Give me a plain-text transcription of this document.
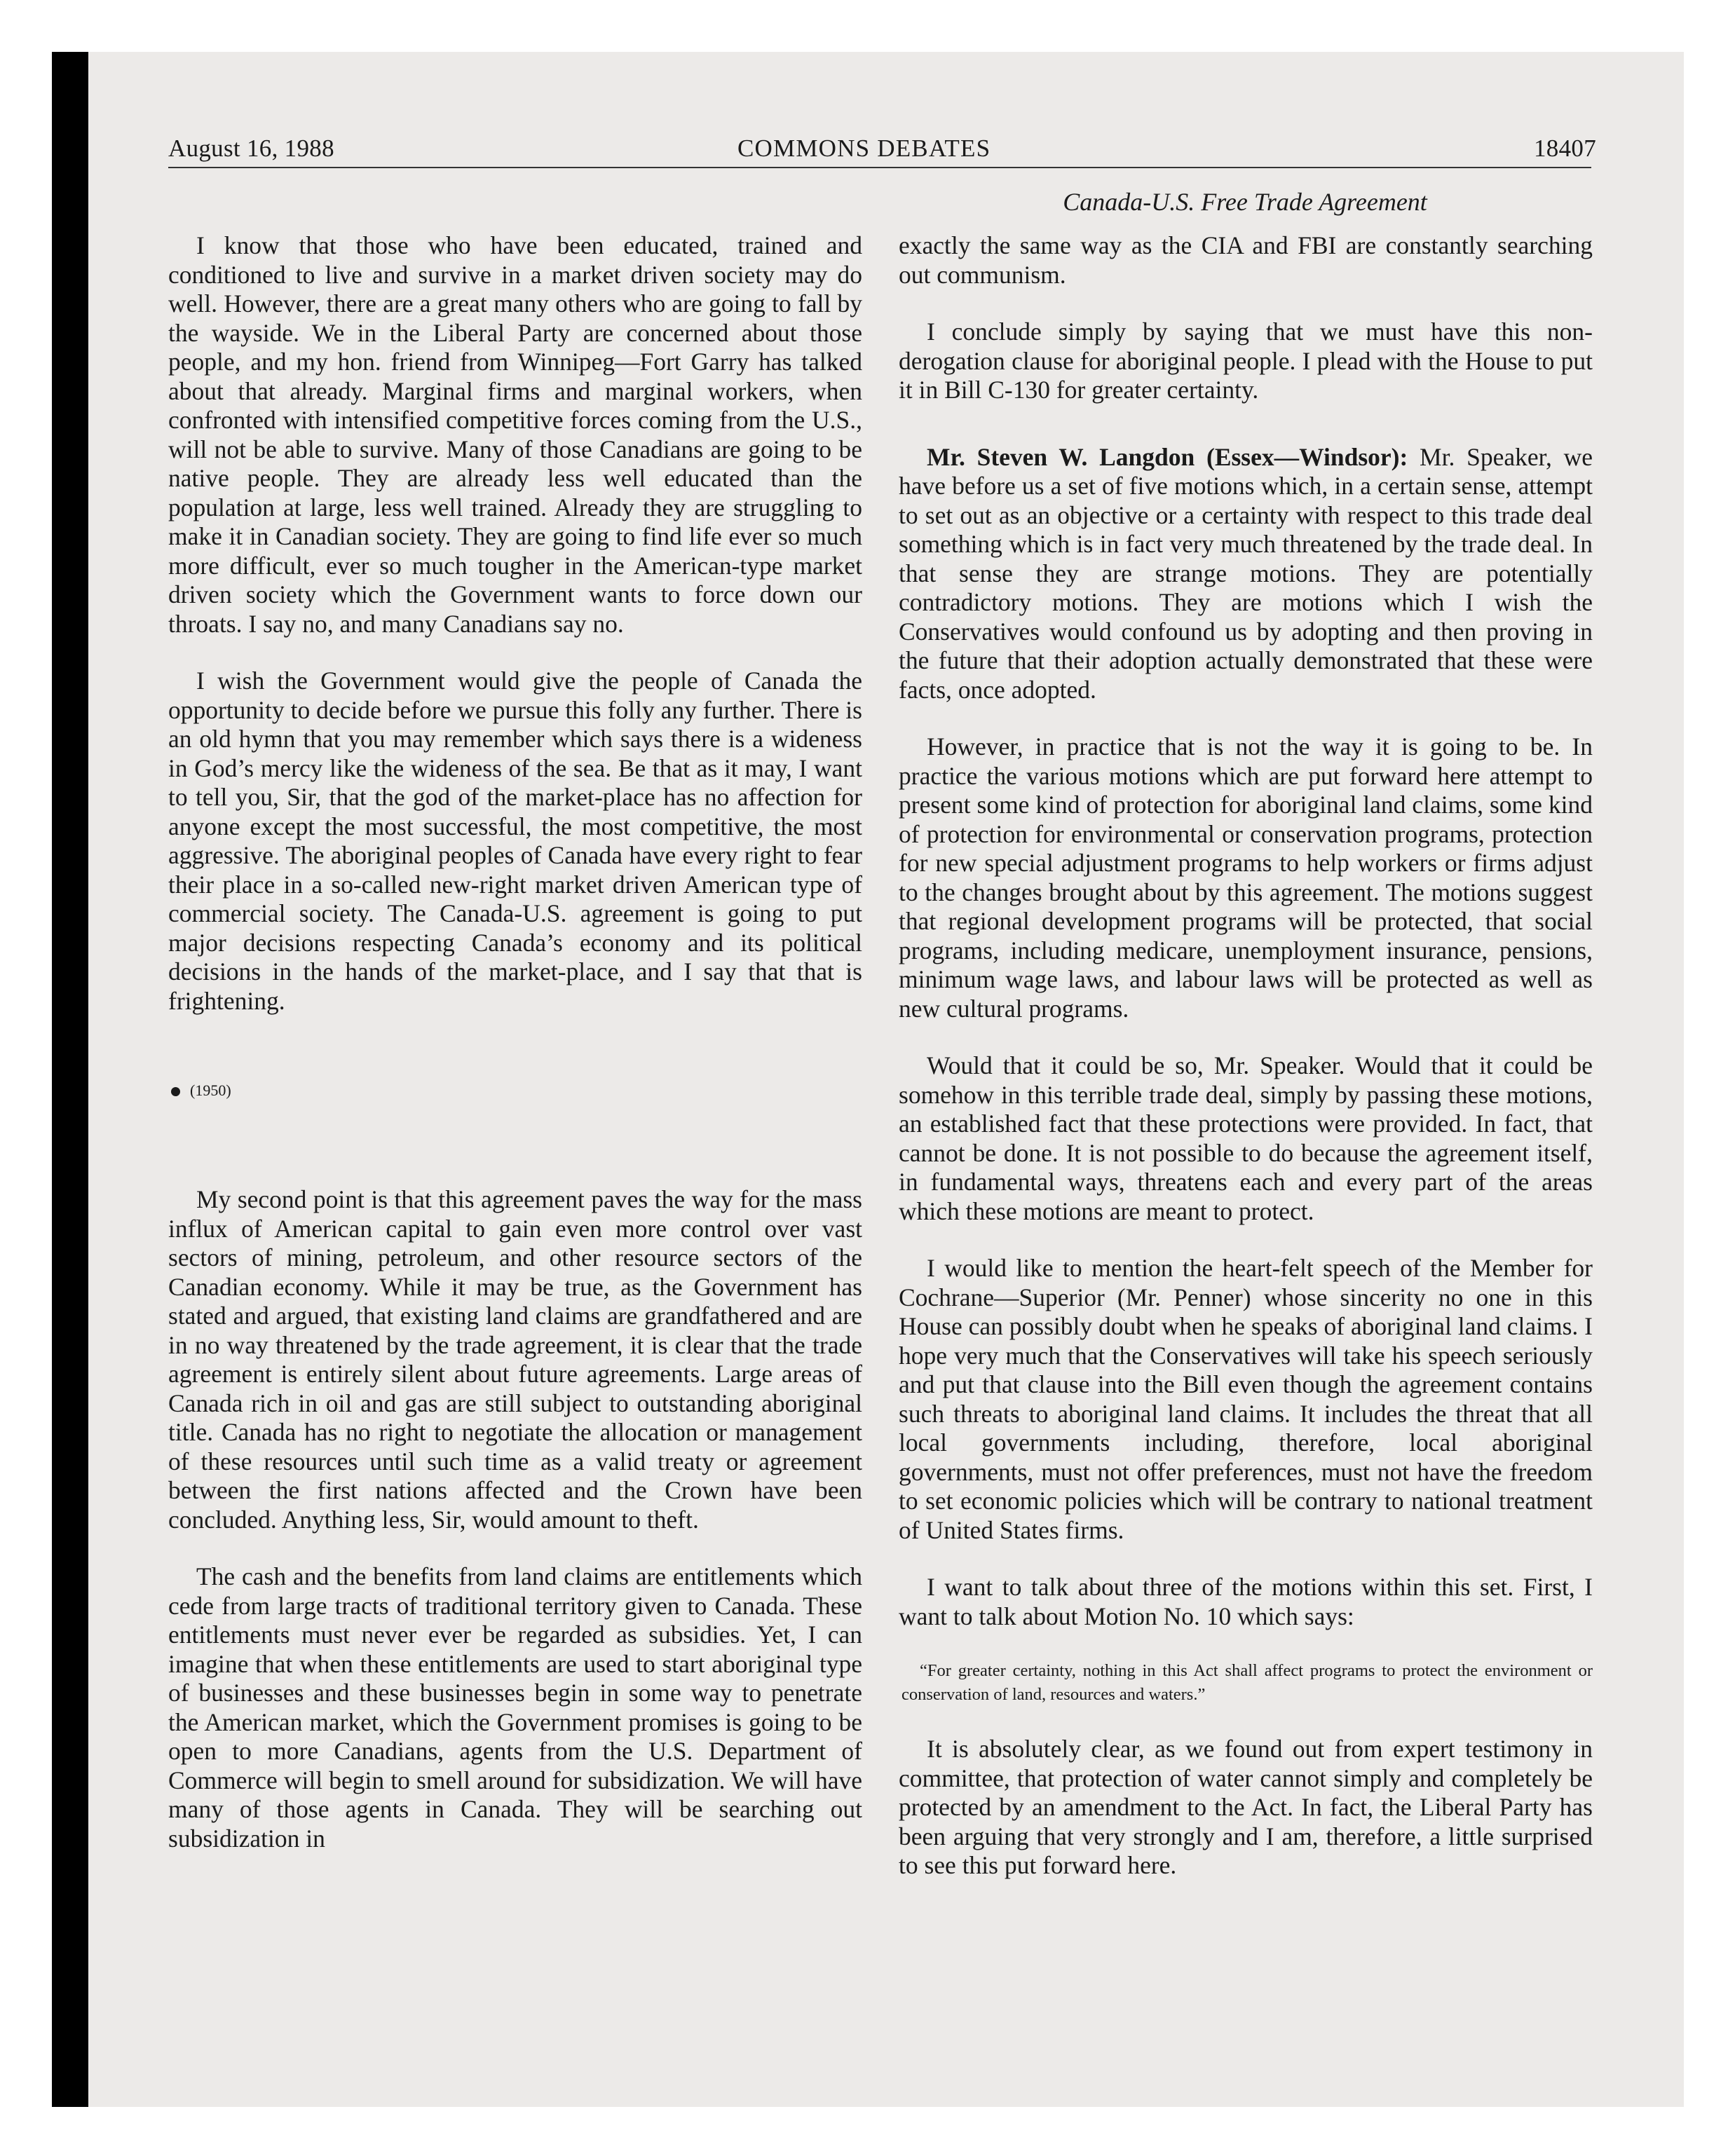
August 16, 1988	COMMONS DEBATES	18407
Canada-U.S. Free Trade Agreement

I know that those who have been educated, trained and conditioned to live and survive in a market driven society may do well. However, there are a great many others who are going to fall by the wayside. We in the Liberal Party are concerned about those people, and my hon. friend from Winnipeg—Fort Garry has talked about that already. Marginal firms and marginal workers, when confronted with intensified competitive forces coming from the U.S., will not be able to survive. Many of those Canadians are going to be native people. They are already less well educated than the population at large, less well trained. Already they are struggling to make it in Canadian society. They are going to find life ever so much more difficult, ever so much tougher in the American-type market driven society which the Government wants to force down our throats. I say no, and many Canadians say no.

I wish the Government would give the people of Canada the opportunity to decide before we pursue this folly any further. There is an old hymn that you may remember which says there is a wideness in God’s mercy like the wideness of the sea. Be that as it may, I want to tell you, Sir, that the god of the market-place has no affection for anyone except the most successful, the most competitive, the most aggressive. The aboriginal peoples of Canada have every right to fear their place in a so-called new-right market driven American type of commercial society. The Canada-U.S. agreement is going to put major decisions respecting Canada’s economy and its political decisions in the hands of the market-place, and I say that that is frightening.

(1950)

My second point is that this agreement paves the way for the mass influx of American capital to gain even more control over vast sectors of mining, petroleum, and other resource sectors of the Canadian economy. While it may be true, as the Government has stated and argued, that existing land claims are grandfathered and are in no way threatened by the trade agreement, it is clear that the trade agreement is entirely silent about future agreements. Large areas of Canada rich in oil and gas are still subject to outstanding aboriginal title. Canada has no right to negotiate the allocation or management of these resources until such time as a valid treaty or agreement between the first nations affected and the Crown have been concluded. Anything less, Sir, would amount to theft.

The cash and the benefits from land claims are entitlements which cede from large tracts of traditional territory given to Canada. These entitlements must never ever be regarded as subsidies. Yet, I can imagine that when these entitlements are used to start aboriginal type of businesses and these businesses begin in some way to penetrate the American market, which the Government promises is going to be open to more Canadians, agents from the U.S. Department of Commerce will begin to smell around for subsidization. We will have many of those agents in Canada. They will be searching out subsidization in

exactly the same way as the CIA and FBI are constantly searching out communism.

I conclude simply by saying that we must have this non-derogation clause for aboriginal people. I plead with the House to put it in Bill C-130 for greater certainty.

Mr. Steven W. Langdon (Essex—Windsor): Mr. Speaker, we have before us a set of five motions which, in a certain sense, attempt to set out as an objective or a certainty with respect to this trade deal something which is in fact very much threatened by the trade deal. In that sense they are strange motions. They are potentially contradictory motions. They are motions which I wish the Conservatives would confound us by adopting and then proving in the future that their adoption actually demonstrated that these were facts, once adopted.

However, in practice that is not the way it is going to be. In practice the various motions which are put forward here attempt to present some kind of protection for aboriginal land claims, some kind of protection for environmental or conservation programs, protection for new special adjustment programs to help workers or firms adjust to the changes brought about by this agreement. The motions suggest that regional development programs will be protected, that social programs, including medicare, unemployment insurance, pensions, minimum wage laws, and labour laws will be protected as well as new cultural programs.

Would that it could be so, Mr. Speaker. Would that it could be somehow in this terrible trade deal, simply by passing these motions, an established fact that these protections were provided. In fact, that cannot be done. It is not possible to do because the agreement itself, in fundamental ways, threatens each and every part of the areas which these motions are meant to protect.

I would like to mention the heart-felt speech of the Member for Cochrane—Superior (Mr. Penner) whose sincerity no one in this House can possibly doubt when he speaks of aboriginal land claims. I hope very much that the Conservatives will take his speech seriously and put that clause into the Bill even though the agreement contains such threats to aboriginal land claims. It includes the threat that all local governments including, therefore, local aboriginal governments, must not offer preferences, must not have the freedom to set economic policies which will be contrary to national treatment of United States firms.

I want to talk about three of the motions within this set. First, I want to talk about Motion No. 10 which says:

“For greater certainty, nothing in this Act shall affect programs to protect the environment or conservation of land, resources and waters.”

It is absolutely clear, as we found out from expert testimony in committee, that protection of water cannot simply and completely be protected by an amendment to the Act. In fact, the Liberal Party has been arguing that very strongly and I am, therefore, a little surprised to see this put forward here.
